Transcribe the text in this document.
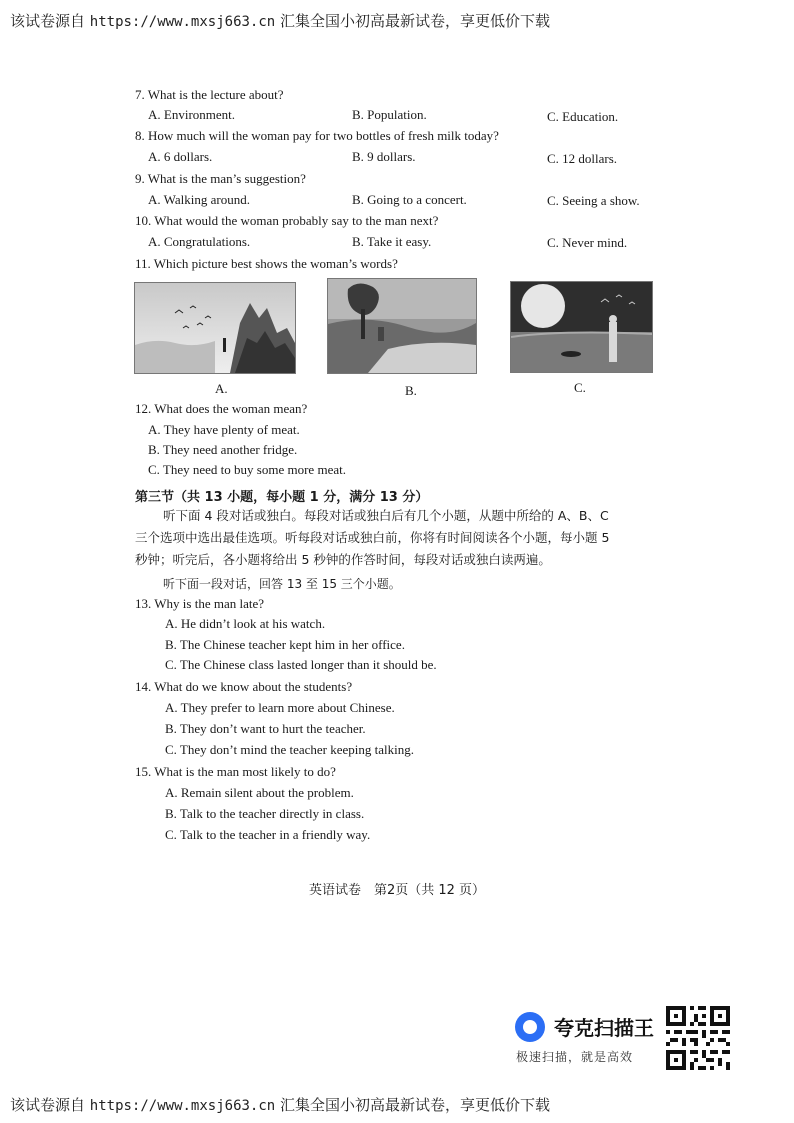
该试卷源自 https://www.mxsj663.cn 汇集全国小初高最新试卷，享更低价下载
7. What is the lecture about?
A. Environment.	B. Population.	C. Education.
8. How much will the woman pay for two bottles of fresh milk today?
A. 6 dollars.	B. 9 dollars.	C. 12 dollars.
9. What is the man’s suggestion?
A. Walking around.	B. Going to a concert.	C. Seeing a show.
10. What would the woman probably say to the man next?
A. Congratulations.	B. Take it easy.	C. Never mind.
11. Which picture best shows the woman’s words?
A.	B.	C.
12. What does the woman mean?
A. They have plenty of meat.
B. They need another fridge.
C. They need to buy some more meat.
第三节（共 13 小题，每小题 1 分，满分 13 分）
听下面 4 段对话或独白。每段对话或独白后有几个小题，从题中所给的 A、B、C
三个选项中选出最佳选项。听每段对话或独白前，你将有时间阅读各个小题，每小题 5
秒钟；听完后，各小题将给出 5 秒钟的作答时间，每段对话或独白读两遍。
听下面一段对话，回答 13 至 15 三个小题。
13. Why is the man late?
A. He didn’t look at his watch.
B. The Chinese teacher kept him in her office.
C. The Chinese class lasted longer than it should be.
14. What do we know about the students?
A. They prefer to learn more about Chinese.
B. They don’t want to hurt the teacher.
C. They don’t mind the teacher keeping talking.
15. What is the man most likely to do?
A. Remain silent about the problem.
B. Talk to the teacher directly in class.
C. Talk to the teacher in a friendly way.
英语试卷　第2页（共 12 页）
夸克扫描王
极速扫描，就是高效
该试卷源自 https://www.mxsj663.cn 汇集全国小初高最新试卷，享更低价下载
